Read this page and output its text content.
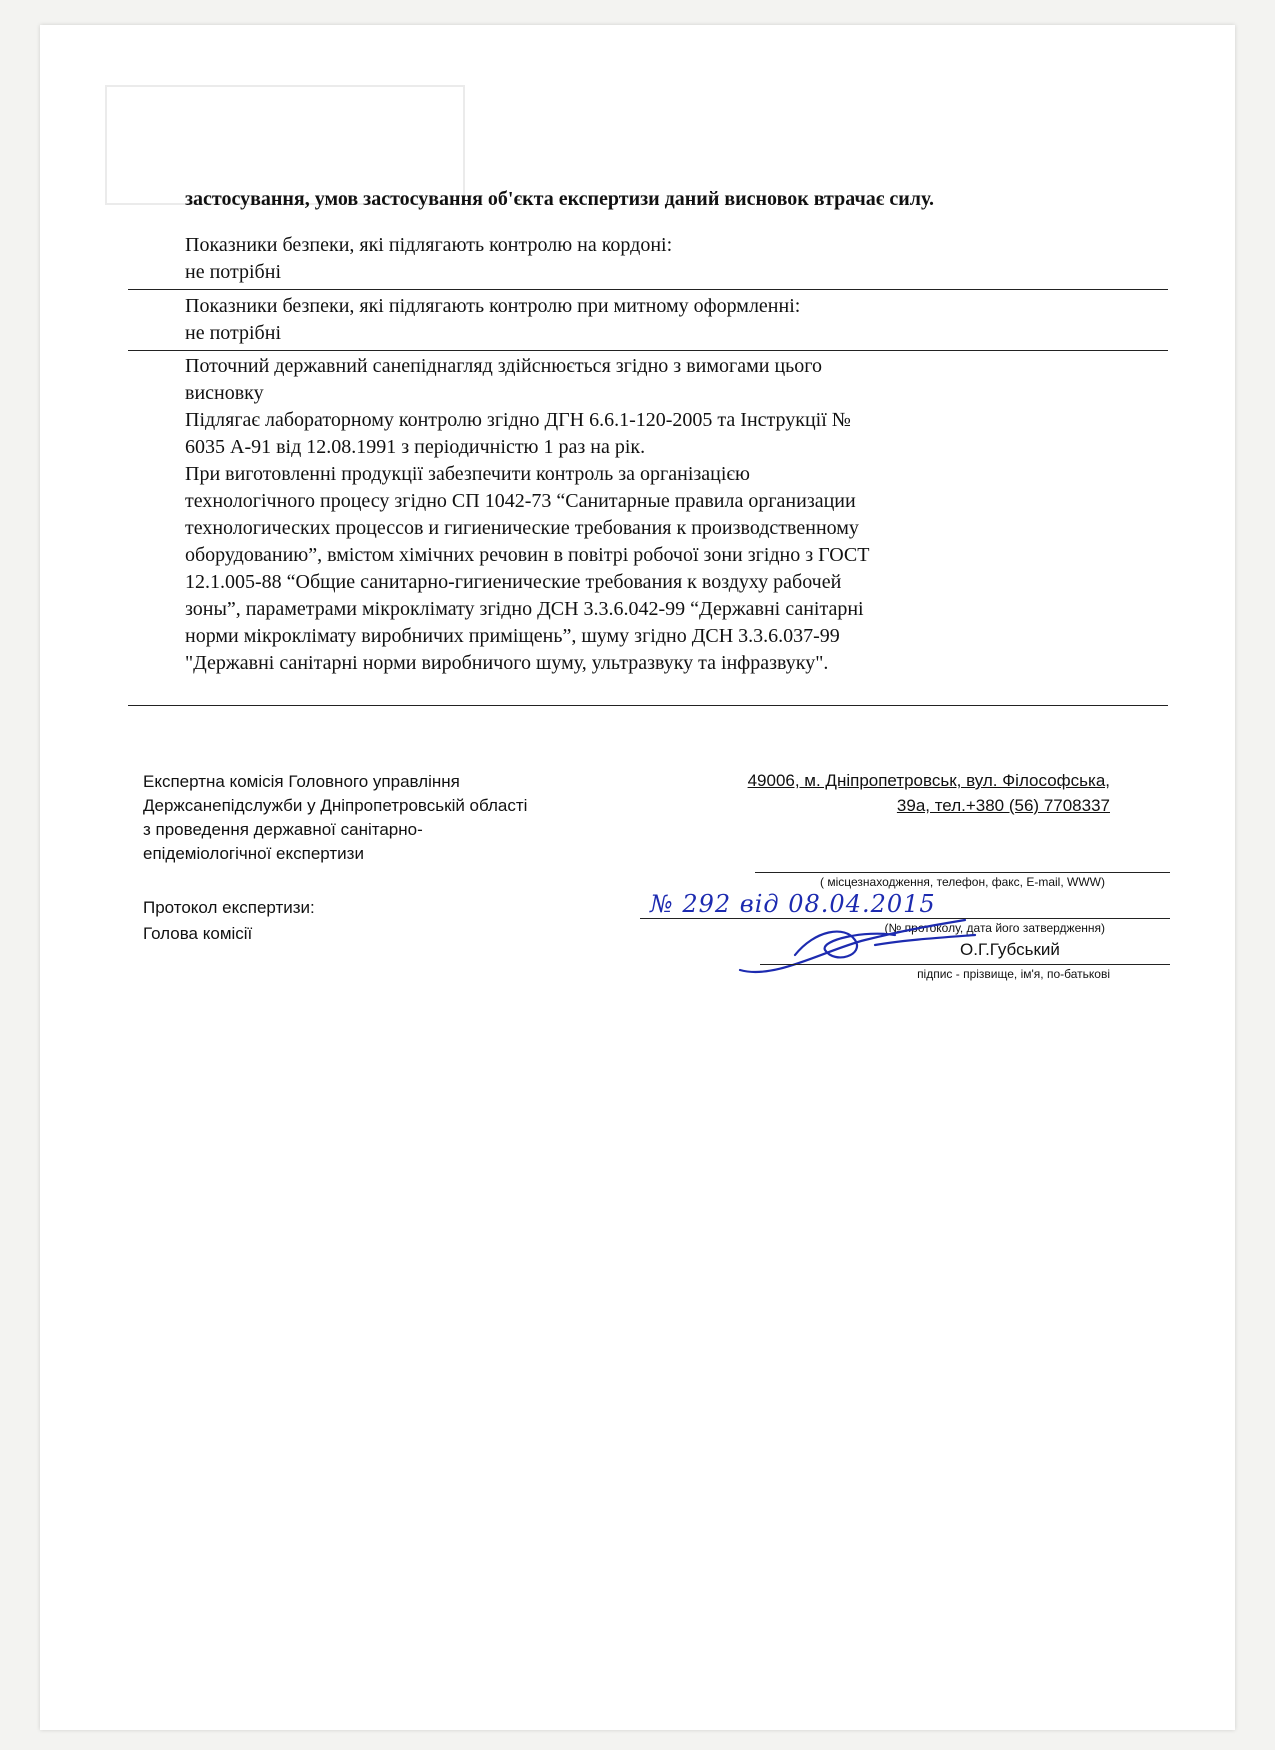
застосування, умов застосування об'єкта експертизи даний висновок втрачає силу.
Показники безпеки, які підлягають контролю на кордоні:
не потрібні
Показники безпеки, які підлягають контролю при митному оформленні:
не потрібні
Поточний державний санепіднагляд здійснюється згідно з вимогами цього
висновку
Підлягає лабораторному контролю згідно ДГН 6.6.1-120-2005 та Інструкції №
6035 А-91 від 12.08.1991 з періодичністю 1 раз на рік.
При виготовленні продукції забезпечити контроль за організацією
технологічного процесу згідно СП 1042-73 “Санитарные правила организации
технологических процессов и гигиенические требования к производственному
оборудованию”, вмістом хімічних речовин в повітрі робочої зони згідно з ГОСТ
12.1.005-88 “Общие санитарно-гигиенические требования к воздуху рабочей
зоны”, параметрами мікроклімату згідно ДСН 3.3.6.042-99 “Державні санітарні
норми мікроклімату виробничих приміщень”, шуму згідно ДСН 3.3.6.037-99
"Державні санітарні норми виробничого шуму, ультразвуку та інфразвуку".
Експертна комісія Головного управління
Держсанепідслужби у Дніпропетровській області
з проведення державної санітарно-
епідеміологічної експертизи
49006, м. Дніпропетровськ, вул. Філософська,
39а, тел.+380 (56) 7708337
( місцезнаходження, телефон, факс, E-mail, WWW)
Протокол експертизи:
Голова комісії
№ 292 від 08.04.2015
(№ протоколу, дата його затвердження)
О.Г.Губський
підпис - прізвище, ім'я, по-батькові
